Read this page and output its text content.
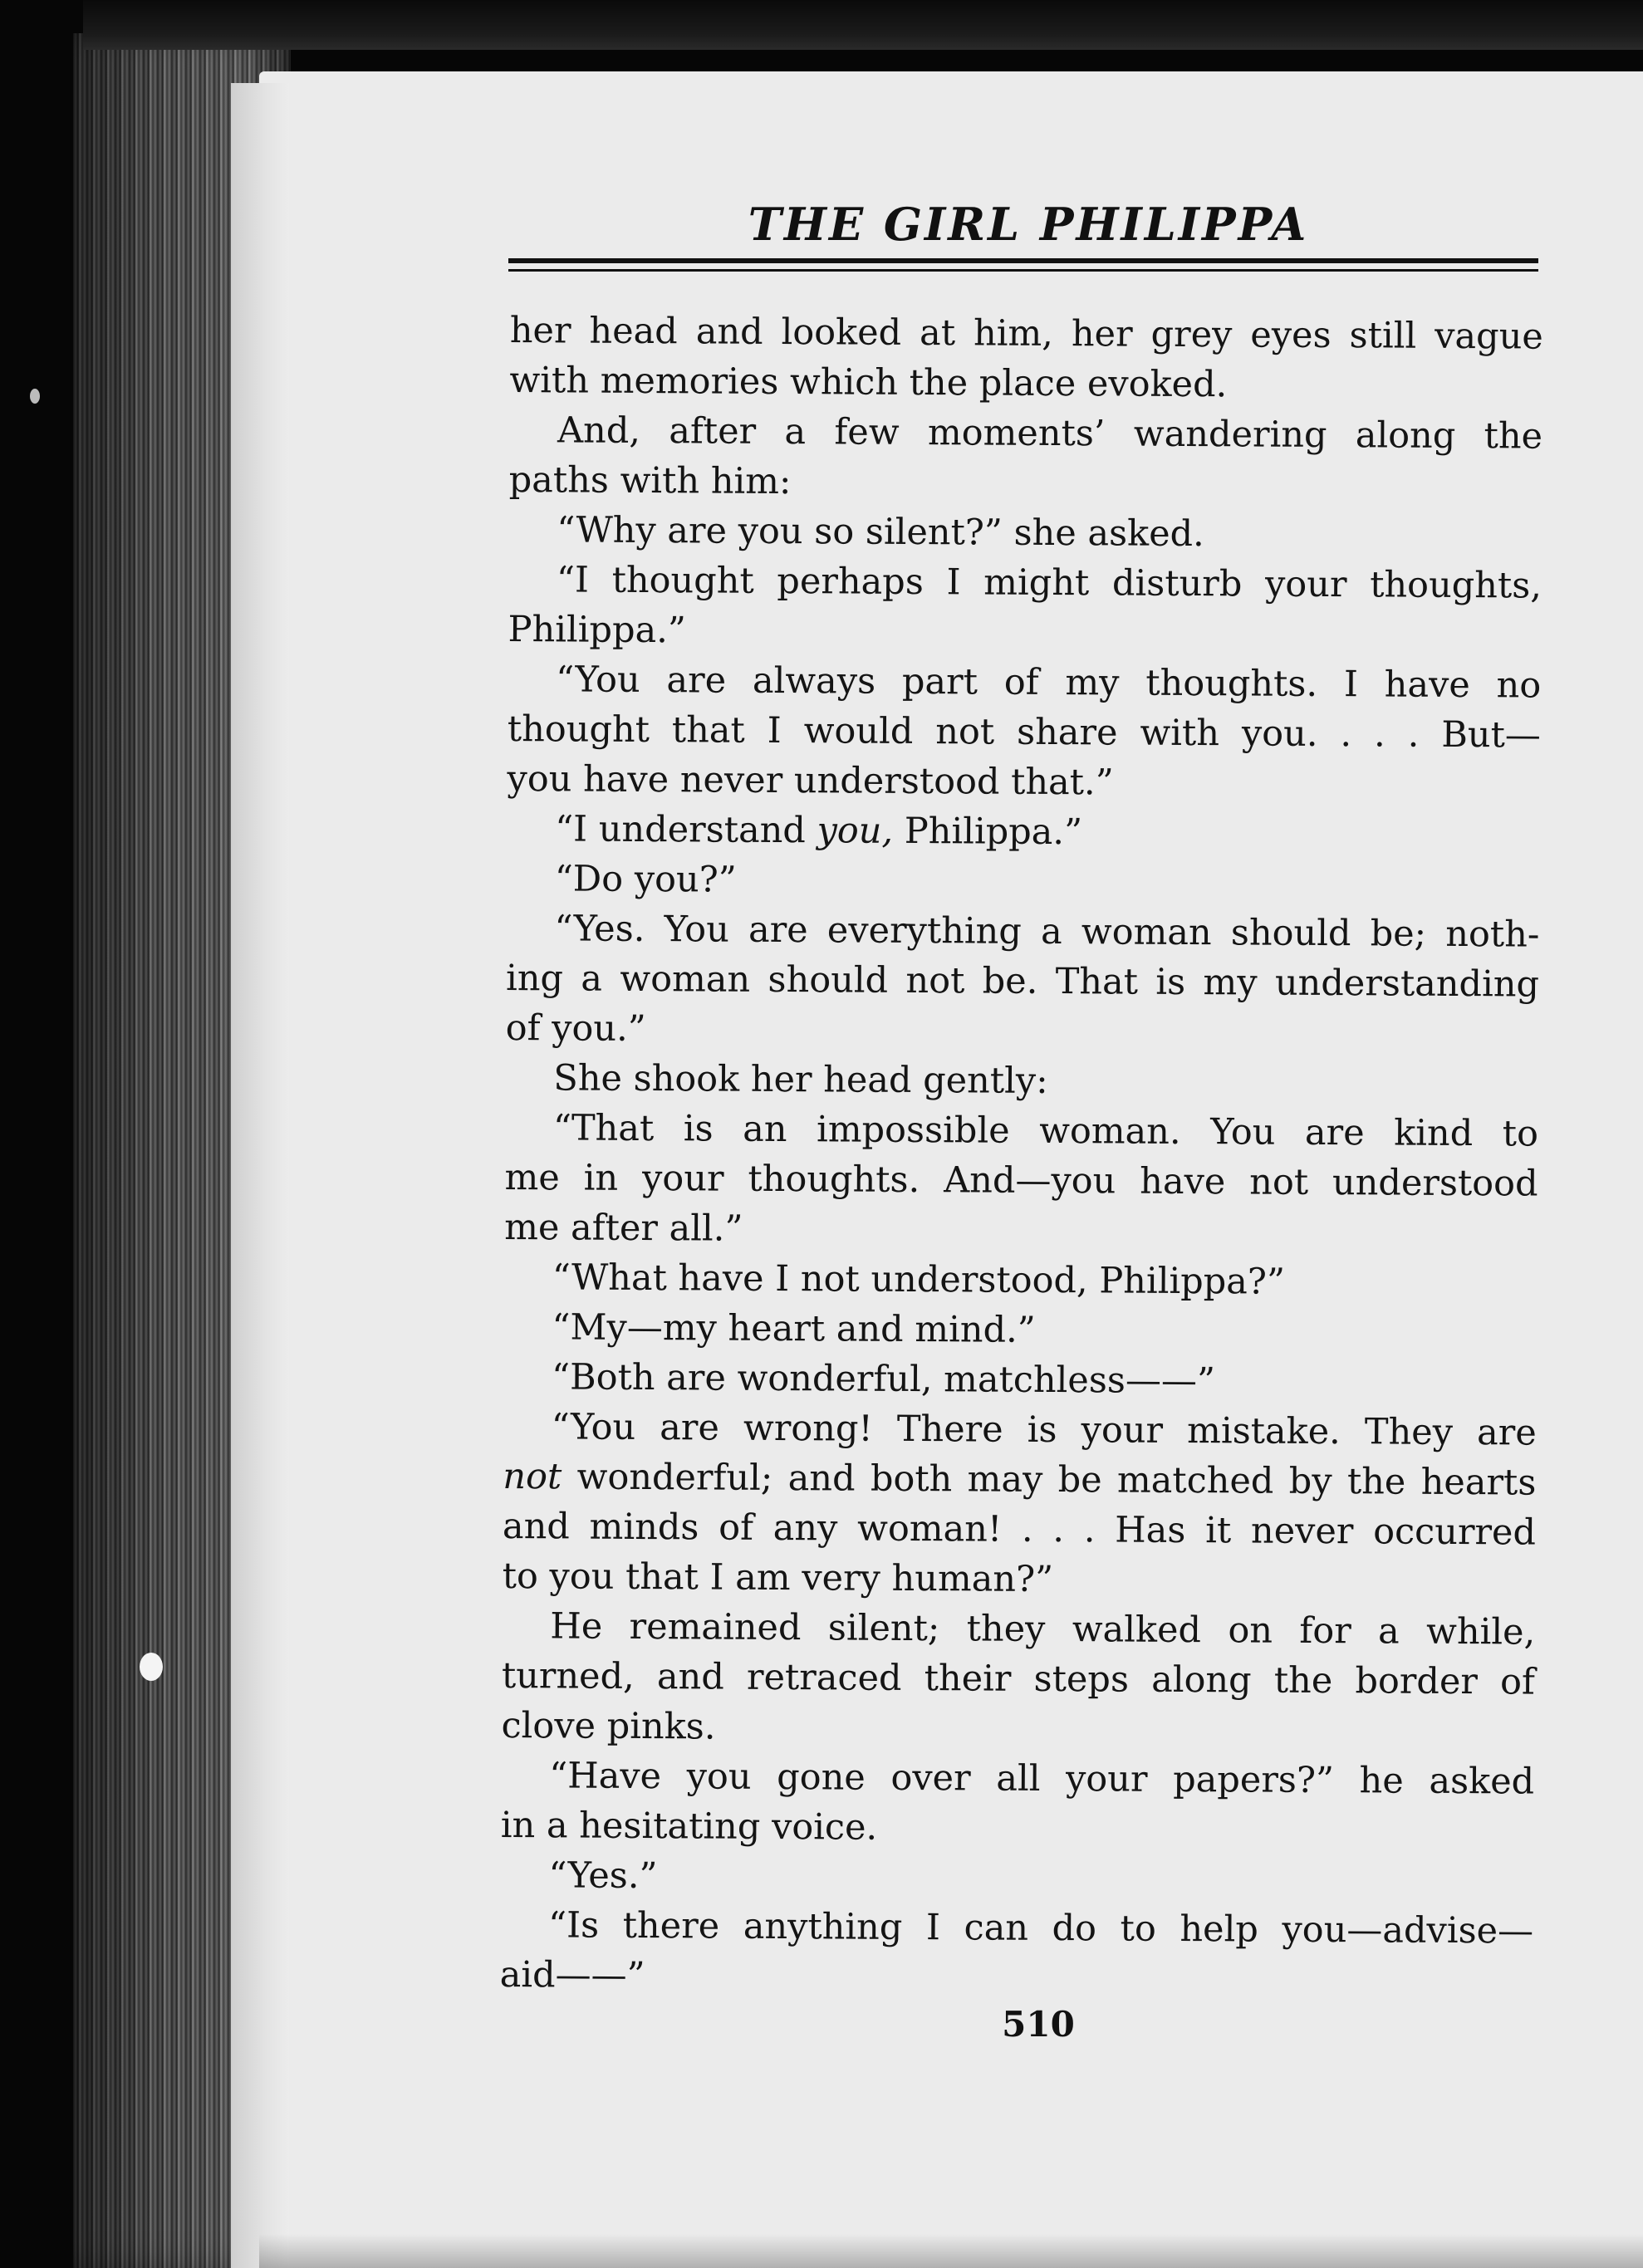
THE GIRL PHILIPPA
her head and looked at him, her grey eyes still vague
with memories which the place evoked.
And, after a few moments’ wandering along the
paths with him:
“Why are you so silent?” she asked.
“I thought perhaps I might disturb your thoughts,
Philippa.”
“You are always part of my thoughts. I have no
thought that I would not share with you. . . . But—
you have never understood that.”
“I understand you, Philippa.”
“Do you?”
“Yes. You are everything a woman should be; noth-
ing a woman should not be. That is my understanding
of you.”
She shook her head gently:
“That is an impossible woman. You are kind to
me in your thoughts. And—you have not understood
me after all.”
“What have I not understood, Philippa?”
“My—my heart and mind.”
“Both are wonderful, matchless——”
“You are wrong! There is your mistake. They are
not wonderful; and both may be matched by the hearts
and minds of any woman! . . . Has it never occurred
to you that I am very human?”
He remained silent; they walked on for a while,
turned, and retraced their steps along the border of
clove pinks.
“Have you gone over all your papers?” he asked
in a hesitating voice.
“Yes.”
“Is there anything I can do to help you—advise—
aid——”
510
